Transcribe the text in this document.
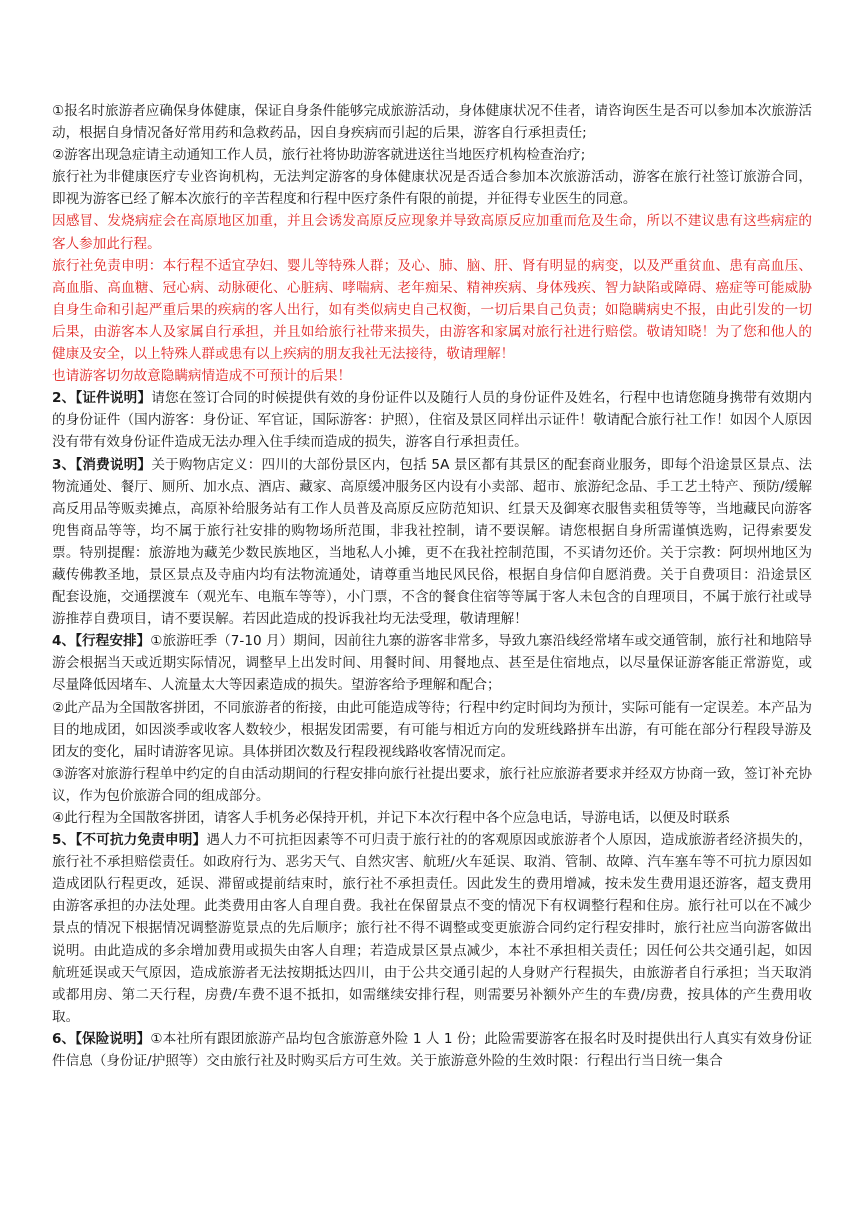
①报名时旅游者应确保身体健康，保证自身条件能够完成旅游活动，身体健康状况不佳者，请咨询医生是否可以参加本次旅游活动，根据自身情况备好常用药和急救药品，因自身疾病而引起的后果，游客自行承担责任;

②游客出现急症请主动通知工作人员，旅行社将协助游客就进送往当地医疗机构检查治疗;

旅行社为非健康医疗专业咨询机构，无法判定游客的身体健康状况是否适合参加本次旅游活动，游客在旅行社签订旅游合同，即视为游客已经了解本次旅行的辛苦程度和行程中医疗条件有限的前提，并征得专业医生的同意。

因感冒、发烧病症会在高原地区加重，并且会诱发高原反应现象并导致高原反应加重而危及生命，所以不建议患有这些病症的客人参加此行程。

旅行社免责申明：本行程不适宜孕妇、婴儿等特殊人群；及心、肺、脑、肝、肾有明显的病变，以及严重贫血、患有高血压、高血脂、高血糖、冠心病、动脉硬化、心脏病、哮喘病、老年痴呆、精神疾病、身体残疾、智力缺陷或障碍、癌症等可能威胁自身生命和引起严重后果的疾病的客人出行，如有类似病史自己权衡，一切后果自己负责；如隐瞒病史不报，由此引发的一切后果，由游客本人及家属自行承担，并且如给旅行社带来损失，由游客和家属对旅行社进行赔偿。敬请知晓！为了您和他人的健康及安全，以上特殊人群或患有以上疾病的朋友我社无法接待，敬请理解！

也请游客切勿故意隐瞒病情造成不可预计的后果！

2、【证件说明】请您在签订合同的时候提供有效的身份证件以及随行人员的身份证件及姓名，行程中也请您随身携带有效期内的身份证件（国内游客：身份证、军官证，国际游客：护照），住宿及景区同样出示证件！敬请配合旅行社工作！如因个人原因没有带有效身份证件造成无法办理入住手续而造成的损失，游客自行承担责任。

3、【消费说明】关于购物店定义：四川的大部份景区内，包括 5A 景区都有其景区的配套商业服务，即每个沿途景区景点、法物流通处、餐厅、厕所、加水点、酒店、藏家、高原缓冲服务区内设有小卖部、超市、旅游纪念品、手工艺土特产、预防/缓解高反用品等贩卖摊点，高原补给服务站有工作人员普及高原反应防范知识、红景天及御寒衣服售卖租赁等等，当地藏民向游客兜售商品等等，均不属于旅行社安排的购物场所范围，非我社控制，请不要误解。请您根据自身所需谨慎选购，记得索要发票。特别提醒：旅游地为藏羌少数民族地区，当地私人小摊，更不在我社控制范围，不买请勿还价。关于宗教：阿坝州地区为藏传佛教圣地，景区景点及寺庙内均有法物流通处，请尊重当地民风民俗，根据自身信仰自愿消费。关于自费项目：沿途景区配套设施，交通摆渡车（观光车、电瓶车等等），小门票，不含的餐食住宿等等属于客人未包含的自理项目，不属于旅行社或导游推荐自费项目，请不要误解。若因此造成的投诉我社均无法受理，敬请理解！

4、【行程安排】①旅游旺季（7-10 月）期间，因前往九寨的游客非常多，导致九寨沿线经常堵车或交通管制，旅行社和地陪导游会根据当天或近期实际情况，调整早上出发时间、用餐时间、用餐地点、甚至是住宿地点，以尽量保证游客能正常游览，或尽量降低因堵车、人流量太大等因素造成的损失。望游客给予理解和配合；

②此产品为全国散客拼团，不同旅游者的衔接，由此可能造成等待；行程中约定时间均为预计，实际可能有一定误差。本产品为目的地成团，如因淡季或收客人数较少，根据发团需要，有可能与相近方向的发班线路拼车出游，有可能在部分行程段导游及团友的变化，届时请游客见谅。具体拼团次数及行程段视线路收客情况而定。

③游客对旅游行程单中约定的自由活动期间的行程安排向旅行社提出要求，旅行社应旅游者要求并经双方协商一致，签订补充协议，作为包价旅游合同的组成部分。

④此行程为全国散客拼团，请客人手机务必保持开机，并记下本次行程中各个应急电话，导游电话，以便及时联系

5、【不可抗力免责申明】遇人力不可抗拒因素等不可归责于旅行社的的客观原因或旅游者个人原因，造成旅游者经济损失的，旅行社不承担赔偿责任。如政府行为、恶劣天气、自然灾害、航班/火车延误、取消、管制、故障、汽车塞车等不可抗力原因如造成团队行程更改，延误、滞留或提前结束时，旅行社不承担责任。因此发生的费用增减，按未发生费用退还游客，超支费用由游客承担的办法处理。此类费用由客人自理自费。我社在保留景点不变的情况下有权调整行程和住房。旅行社可以在不减少景点的情况下根据情况调整游览景点的先后顺序；旅行社不得不调整或变更旅游合同约定行程安排时，旅行社应当向游客做出说明。由此造成的多余增加费用或损失由客人自理；若造成景区景点减少，本社不承担相关责任；因任何公共交通引起，如因航班延误或天气原因，造成旅游者无法按期抵达四川，由于公共交通引起的人身财产行程损失，由旅游者自行承担；当天取消或都用房、第二天行程，房费/车费不退不抵扣，如需继续安排行程，则需要另补额外产生的车费/房费，按具体的产生费用收取。

6、【保险说明】①本社所有跟团旅游产品均包含旅游意外险 1 人 1 份；此险需要游客在报名时及时提供出行人真实有效身份证件信息（身份证/护照等）交由旅行社及时购买后方可生效。关于旅游意外险的生效时限：行程出行当日统一集合
